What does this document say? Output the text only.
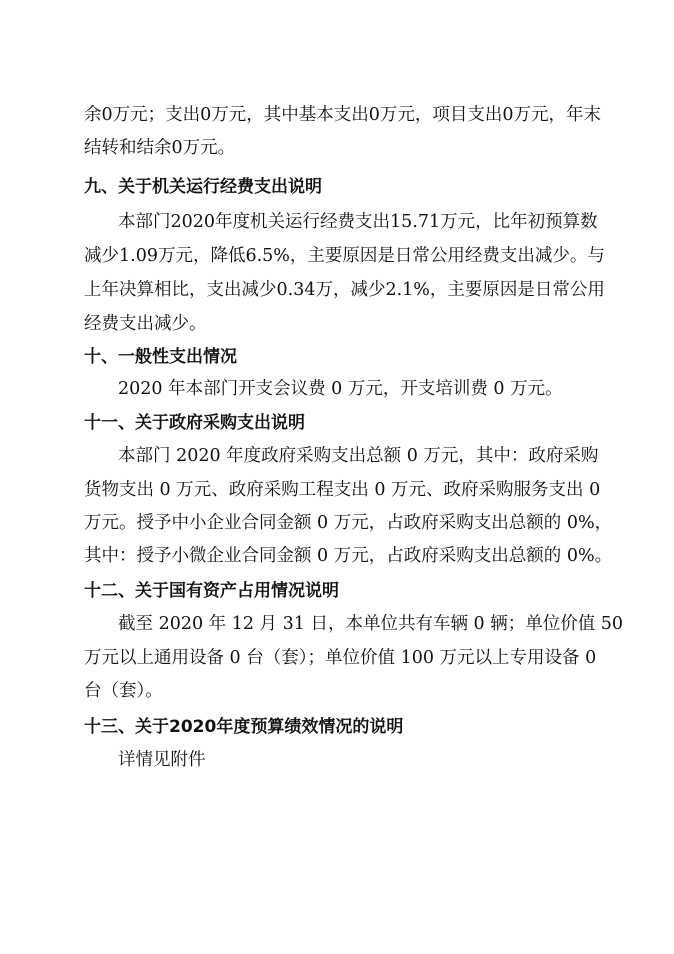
余0万元；支出0万元，其中基本支出0万元，项目支出0万元，年末
结转和结余0万元。
九、关于机关运行经费支出说明
本部门2020年度机关运行经费支出15.71万元，比年初预算数
减少1.09万元，降低6.5%，主要原因是日常公用经费支出减少。与
上年决算相比，支出减少0.34万，减少2.1%，主要原因是日常公用
经费支出减少。
十、一般性支出情况
2020 年本部门开支会议费 0 万元，开支培训费 0 万元。
十一、关于政府采购支出说明
本部门 2020 年度政府采购支出总额 0 万元，其中：政府采购
货物支出 0 万元、政府采购工程支出 0 万元、政府采购服务支出 0
万元。授予中小企业合同金额 0 万元，占政府采购支出总额的 0%，
其中：授予小微企业合同金额 0 万元，占政府采购支出总额的 0%。
十二、关于国有资产占用情况说明
截至 2020 年 12 月 31 日，本单位共有车辆 0 辆；单位价值 50
万元以上通用设备 0 台（套）；单位价值 100 万元以上专用设备 0
台（套）。
十三、关于2020年度预算绩效情况的说明
详情见附件
